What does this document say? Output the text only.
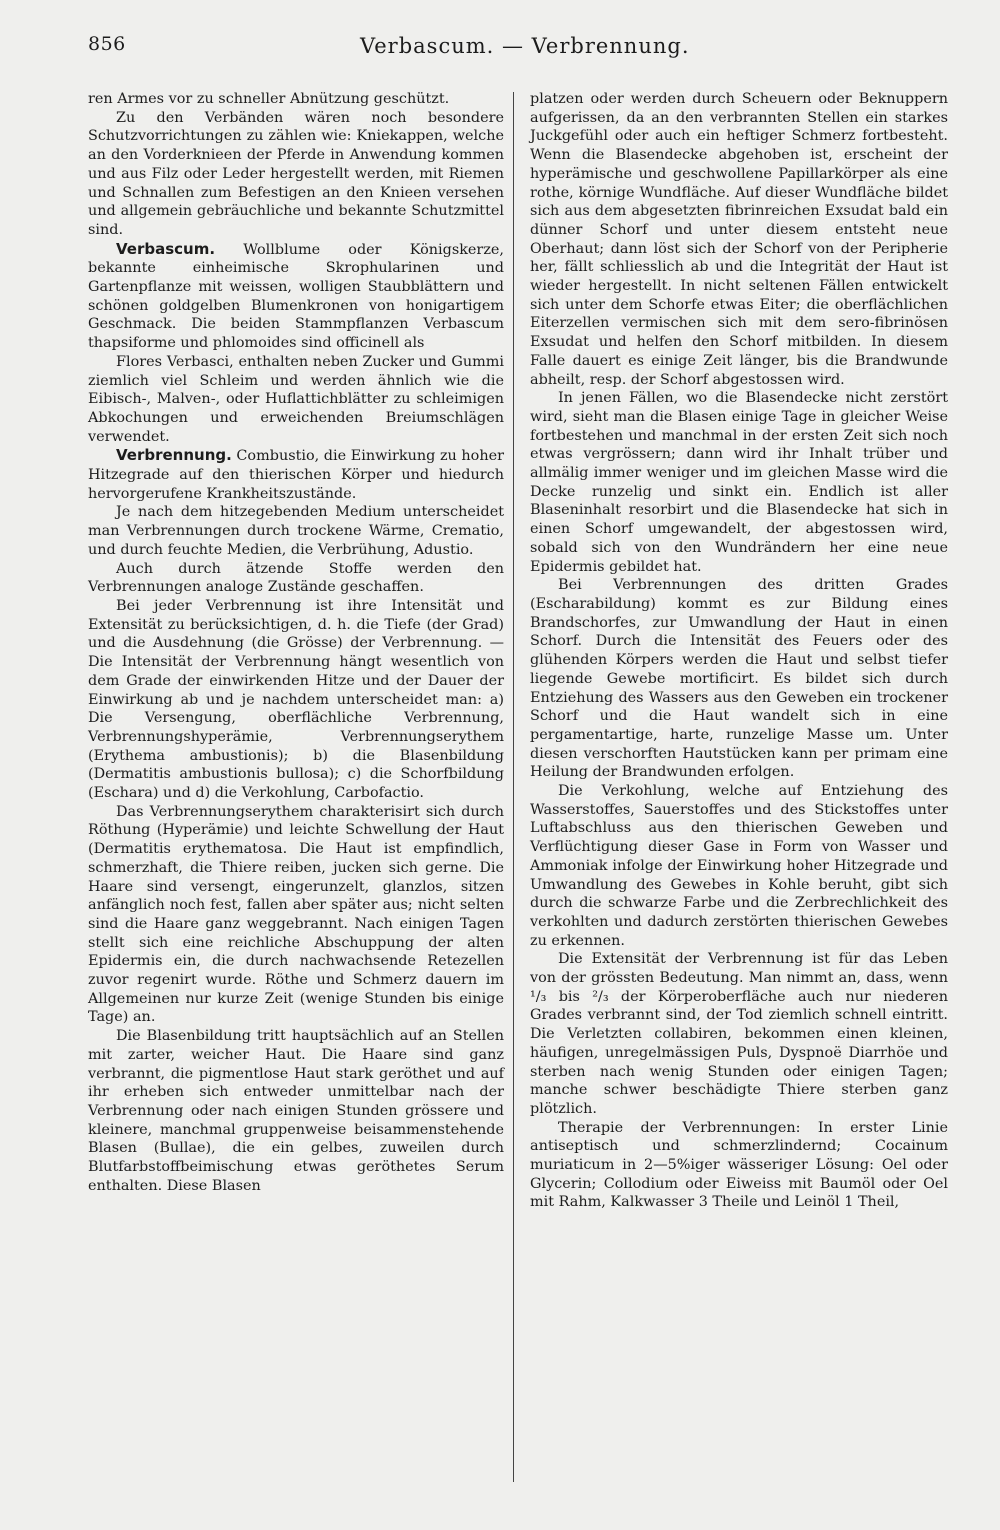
856	Verbascum. — Verbrennung.

ren Armes vor zu schneller Abnützung geschützt.

Zu den Verbänden wären noch besondere Schutzvorrichtungen zu zählen wie: Kniekappen, welche an den Vorderknieen der Pferde in Anwendung kommen und aus Filz oder Leder hergestellt werden, mit Riemen und Schnallen zum Befestigen an den Knieen versehen und allgemein gebräuchliche und bekannte Schutzmittel sind.

Verbascum. Wollblume oder Königskerze, bekannte einheimische Skrophularinen und Gartenpflanze mit weissen, wolligen Staubblättern und schönen goldgelben Blumenkronen von honigartigem Geschmack. Die beiden Stammpflanzen Verbascum thapsiforme und phlomoides sind officinell als

Flores Verbasci, enthalten neben Zucker und Gummi ziemlich viel Schleim und werden ähnlich wie die Eibisch-, Malven-, oder Huflattichblätter zu schleimigen Abkochungen und erweichenden Breiumschlägen verwendet.

Verbrennung. Combustio, die Einwirkung zu hoher Hitzegrade auf den thierischen Körper und hiedurch hervorgerufene Krankheitszustände.

Je nach dem hitzegebenden Medium unterscheidet man Verbrennungen durch trockene Wärme, Crematio, und durch feuchte Medien, die Verbrühung, Adustio.

Auch durch ätzende Stoffe werden den Verbrennungen analoge Zustände geschaffen.

Bei jeder Verbrennung ist ihre Intensität und Extensität zu berücksichtigen, d. h. die Tiefe (der Grad) und die Ausdehnung (die Grösse) der Verbrennung. — Die Intensität der Verbrennung hängt wesentlich von dem Grade der einwirkenden Hitze und der Dauer der Einwirkung ab und je nachdem unterscheidet man: a) Die Versengung, oberflächliche Verbrennung, Verbrennungshyperämie, Verbrennungserythem (Erythema ambustionis); b) die Blasenbildung (Dermatitis ambustionis bullosa); c) die Schorfbildung (Eschara) und d) die Verkohlung, Carbofactio.

Das Verbrennungserythem charakterisirt sich durch Röthung (Hyperämie) und leichte Schwellung der Haut (Dermatitis erythematosa. Die Haut ist empfindlich, schmerzhaft, die Thiere reiben, jucken sich gerne. Die Haare sind versengt, eingerunzelt, glanzlos, sitzen anfänglich noch fest, fallen aber später aus; nicht selten sind die Haare ganz weggebrannt. Nach einigen Tagen stellt sich eine reichliche Abschuppung der alten Epidermis ein, die durch nachwachsende Retezellen zuvor regenirt wurde. Röthe und Schmerz dauern im Allgemeinen nur kurze Zeit (wenige Stunden bis einige Tage) an.

Die Blasenbildung tritt hauptsächlich auf an Stellen mit zarter, weicher Haut. Die Haare sind ganz verbrannt, die pigmentlose Haut stark geröthet und auf ihr erheben sich entweder unmittelbar nach der Verbrennung oder nach einigen Stunden grössere und kleinere, manchmal gruppenweise beisammenstehende Blasen (Bullae), die ein gelbes, zuweilen durch Blutfarbstoffbeimischung etwas geröthetes Serum enthalten. Diese Blasen

platzen oder werden durch Scheuern oder Beknuppern aufgerissen, da an den verbrannten Stellen ein starkes Juckgefühl oder auch ein heftiger Schmerz fortbesteht. Wenn die Blasendecke abgehoben ist, erscheint der hyperämische und geschwollene Papillarkörper als eine rothe, körnige Wundfläche. Auf dieser Wundfläche bildet sich aus dem abgesetzten fibrinreichen Exsudat bald ein dünner Schorf und unter diesem entsteht neue Oberhaut; dann löst sich der Schorf von der Peripherie her, fällt schliesslich ab und die Integrität der Haut ist wieder hergestellt. In nicht seltenen Fällen entwickelt sich unter dem Schorfe etwas Eiter; die oberflächlichen Eiterzellen vermischen sich mit dem sero-fibrinösen Exsudat und helfen den Schorf mitbilden. In diesem Falle dauert es einige Zeit länger, bis die Brandwunde abheilt, resp. der Schorf abgestossen wird.

In jenen Fällen, wo die Blasendecke nicht zerstört wird, sieht man die Blasen einige Tage in gleicher Weise fortbestehen und manchmal in der ersten Zeit sich noch etwas vergrössern; dann wird ihr Inhalt trüber und allmälig immer weniger und im gleichen Masse wird die Decke runzelig und sinkt ein. Endlich ist aller Blaseninhalt resorbirt und die Blasendecke hat sich in einen Schorf umgewandelt, der abgestossen wird, sobald sich von den Wundrändern her eine neue Epidermis gebildet hat.

Bei Verbrennungen des dritten Grades (Escharabildung) kommt es zur Bildung eines Brandschorfes, zur Umwandlung der Haut in einen Schorf. Durch die Intensität des Feuers oder des glühenden Körpers werden die Haut und selbst tiefer liegende Gewebe mortificirt. Es bildet sich durch Entziehung des Wassers aus den Geweben ein trockener Schorf und die Haut wandelt sich in eine pergamentartige, harte, runzelige Masse um. Unter diesen verschorften Hautstücken kann per primam eine Heilung der Brandwunden erfolgen.

Die Verkohlung, welche auf Entziehung des Wasserstoffes, Sauerstoffes und des Stickstoffes unter Luftabschluss aus den thierischen Geweben und Verflüchtigung dieser Gase in Form von Wasser und Ammoniak infolge der Einwirkung hoher Hitzegrade und Umwandlung des Gewebes in Kohle beruht, gibt sich durch die schwarze Farbe und die Zerbrechlichkeit des verkohlten und dadurch zerstörten thierischen Gewebes zu erkennen.

Die Extensität der Verbrennung ist für das Leben von der grössten Bedeutung. Man nimmt an, dass, wenn ¹/₃ bis ²/₃ der Körperoberfläche auch nur niederen Grades verbrannt sind, der Tod ziemlich schnell eintritt. Die Verletzten collabiren, bekommen einen kleinen, häufigen, unregelmässigen Puls, Dyspnoë Diarrhöe und sterben nach wenig Stunden oder einigen Tagen; manche schwer beschädigte Thiere sterben ganz plötzlich.

Therapie der Verbrennungen: In erster Linie antiseptisch und schmerzlindernd; Cocainum muriaticum in 2—5%iger wässeriger Lösung: Oel oder Glycerin; Collodium oder Eiweiss mit Baumöl oder Oel mit Rahm, Kalkwasser 3 Theile und Leinöl 1 Theil,
